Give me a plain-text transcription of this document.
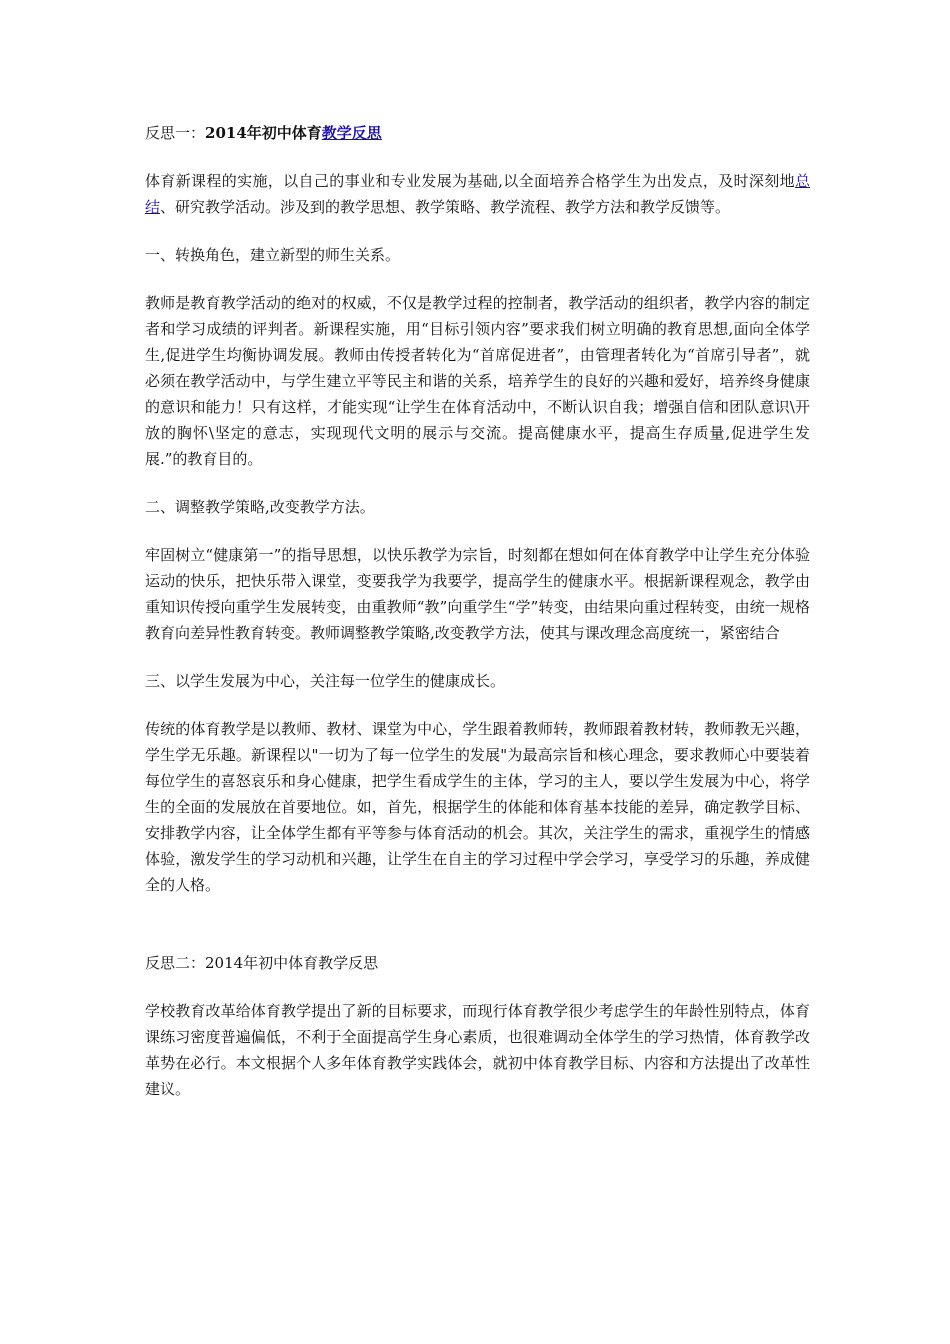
反思一：2014年初中体育教学反思

体育新课程的实施，以自己的事业和专业发展为基础,以全面培养合格学生为出发点，及时深刻地总结、研究教学活动。涉及到的教学思想、教学策略、教学流程、教学方法和教学反馈等。

一、转换角色，建立新型的师生关系。

教师是教育教学活动的绝对的权威，不仅是教学过程的控制者，教学活动的组织者，教学内容的制定者和学习成绩的评判者。新课程实施，用“目标引领内容”要求我们树立明确的教育思想,面向全体学生,促进学生均衡协调发展。教师由传授者转化为“首席促进者”，由管理者转化为“首席引导者”，就必须在教学活动中，与学生建立平等民主和谐的关系，培养学生的良好的兴趣和爱好，培养终身健康的意识和能力！只有这样，才能实现“让学生在体育活动中，不断认识自我；增强自信和团队意识\开放的胸怀\坚定的意志，实现现代文明的展示与交流。提高健康水平，提高生存质量,促进学生发展.”的教育目的。

二、调整教学策略,改变教学方法。

牢固树立“健康第一”的指导思想，以快乐教学为宗旨，时刻都在想如何在体育教学中让学生充分体验运动的快乐，把快乐带入课堂，变要我学为我要学，提高学生的健康水平。根据新课程观念，教学由重知识传授向重学生发展转变，由重教师“教”向重学生“学”转变，由结果向重过程转变，由统一规格教育向差异性教育转变。教师调整教学策略,改变教学方法，使其与课改理念高度统一，紧密结合

三、以学生发展为中心，关注每一位学生的健康成长。

传统的体育教学是以教师、教材、课堂为中心，学生跟着教师转，教师跟着教材转，教师教无兴趣，学生学无乐趣。新课程以"一切为了每一位学生的发展"为最高宗旨和核心理念，要求教师心中要装着每位学生的喜怒哀乐和身心健康，把学生看成学生的主体，学习的主人，要以学生发展为中心，将学生的全面的发展放在首要地位。如，首先，根据学生的体能和体育基本技能的差异，确定教学目标、安排教学内容，让全体学生都有平等参与体育活动的机会。其次，关注学生的需求，重视学生的情感体验，激发学生的学习动机和兴趣，让学生在自主的学习过程中学会学习，享受学习的乐趣，养成健全的人格。

反思二：2014年初中体育教学反思

学校教育改革给体育教学提出了新的目标要求，而现行体育教学很少考虑学生的年龄性别特点，体育课练习密度普遍偏低，不利于全面提高学生身心素质，也很难调动全体学生的学习热情，体育教学改革势在必行。本文根据个人多年体育教学实践体会，就初中体育教学目标、内容和方法提出了改革性建议。
